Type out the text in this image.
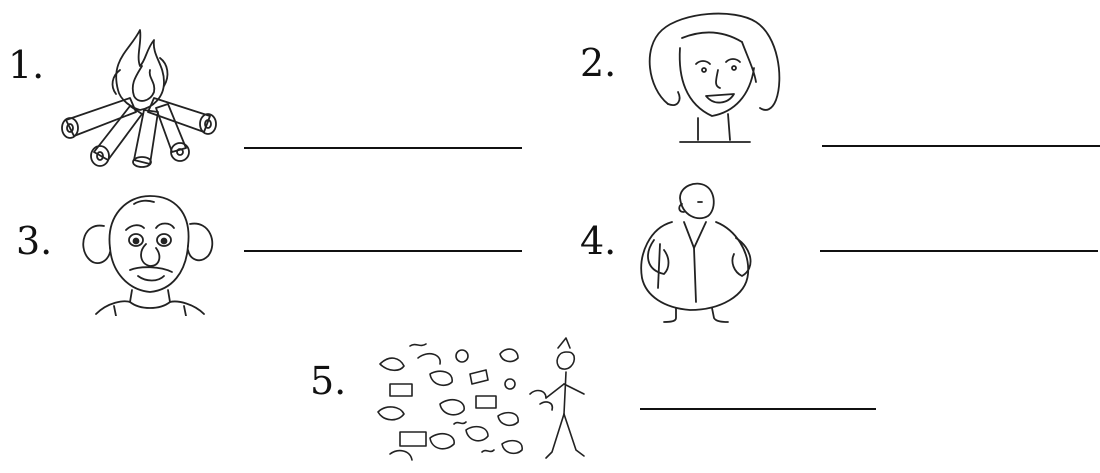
1.	2.
3.	4.
5.
